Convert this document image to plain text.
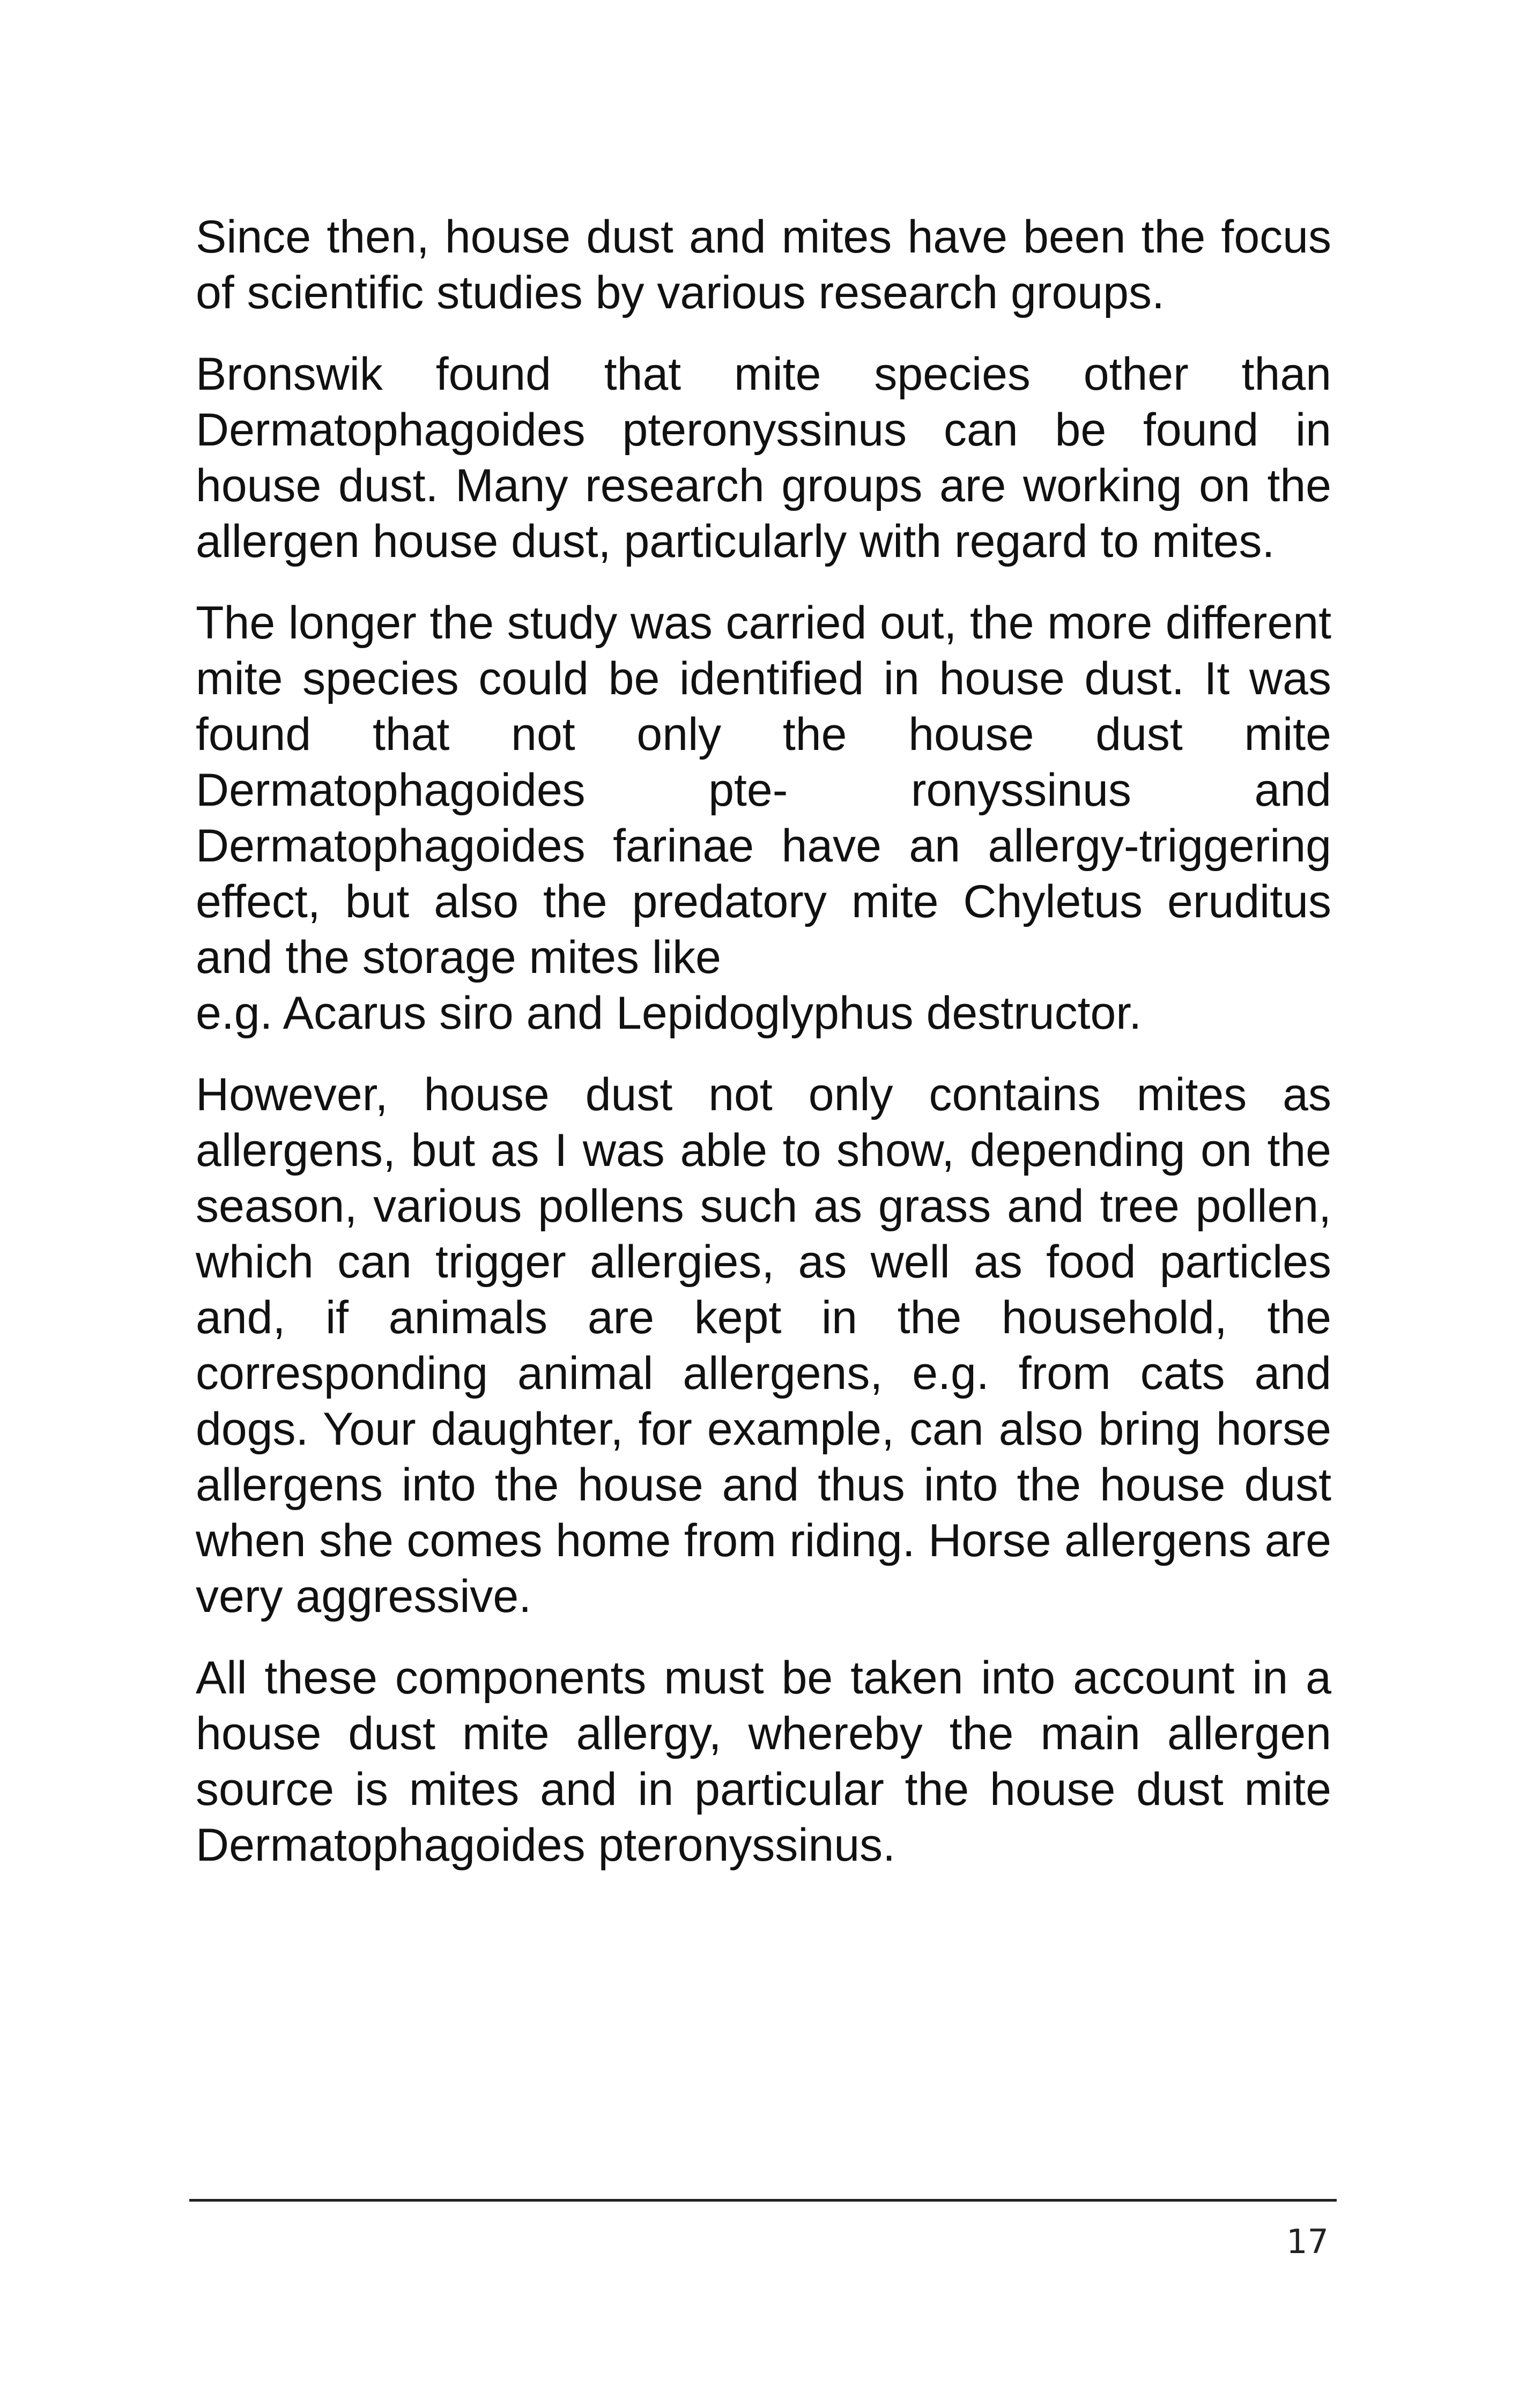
Since then, house dust and mites have been the focus of scientific studies by various research groups.

Bronswik found that mite species other than Dermatophagoides pteronyssinus can be found in house dust. Many research groups are working on the allergen house dust, particularly with regard to mites.

The longer the study was carried out, the more different mite species could be identified in house dust. It was found that not only the house dust mite Dermatophagoides pte- ronyssinus and Dermatophagoides farinae have an allergy-triggering effect, but also the predatory mite Chyletus eruditus and the storage mites like

e.g. Acarus siro and Lepidoglyphus destructor.

However, house dust not only contains mites as allergens, but as I was able to show, depending on the season, various pollens such as grass and tree pollen, which can trigger allergies, as well as food particles and, if animals are kept in the household, the corresponding animal allergens, e.g. from cats and dogs. Your daughter, for example, can also bring horse allergens into the house and thus into the house dust when she comes home from riding. Horse allergens are very aggressive.

All these components must be taken into account in a house dust mite allergy, whereby the main allergen source is mites and in particular the house dust mite Dermatophagoides pteronyssinus.

17
